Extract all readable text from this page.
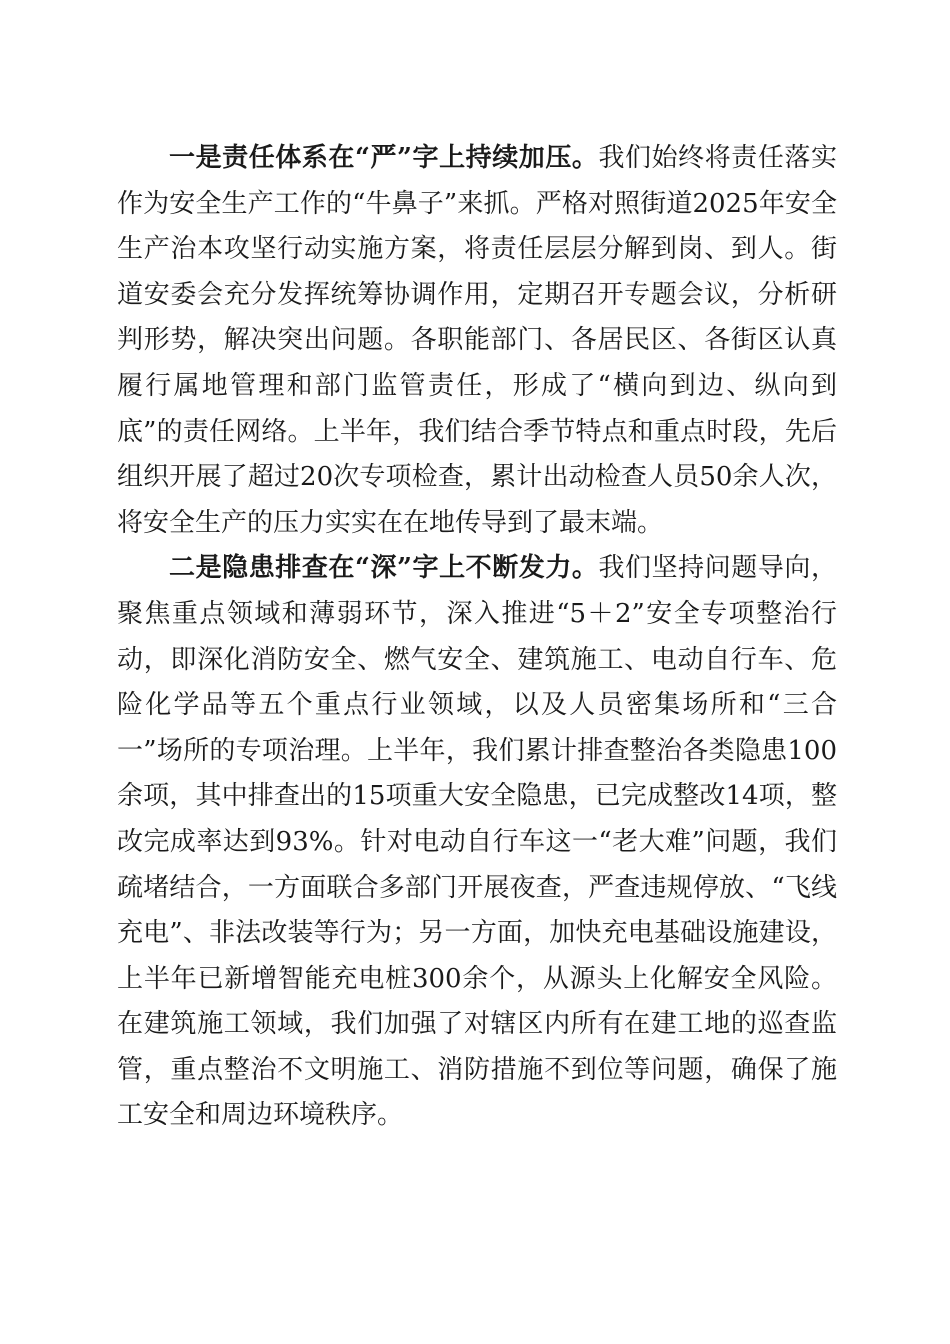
一是责任体系在“严”字上持续加压。我们始终将责任落实作为安全生产工作的“牛鼻子”来抓。严格对照街道2025年安全生产治本攻坚行动实施方案，将责任层层分解到岗、到人。街道安委会充分发挥统筹协调作用，定期召开专题会议，分析研判形势，解决突出问题。各职能部门、各居民区、各街区认真履行属地管理和部门监管责任，形成了“横向到边、纵向到底”的责任网络。上半年，我们结合季节特点和重点时段，先后组织开展了超过20次专项检查，累计出动检查人员50余人次，将安全生产的压力实实在在地传导到了最末端。

二是隐患排查在“深”字上不断发力。我们坚持问题导向，聚焦重点领域和薄弱环节，深入推进“5＋2”安全专项整治行动，即深化消防安全、燃气安全、建筑施工、电动自行车、危险化学品等五个重点行业领域，以及人员密集场所和“三合一”场所的专项治理。上半年，我们累计排查整治各类隐患100余项，其中排查出的15项重大安全隐患，已完成整改14项，整改完成率达到93%。针对电动自行车这一“老大难”问题，我们疏堵结合，一方面联合多部门开展夜查，严查违规停放、“飞线充电”、非法改装等行为；另一方面，加快充电基础设施建设，上半年已新增智能充电桩300余个，从源头上化解安全风险。在建筑施工领域，我们加强了对辖区内所有在建工地的巡查监管，重点整治不文明施工、消防措施不到位等问题，确保了施工安全和周边环境秩序。
